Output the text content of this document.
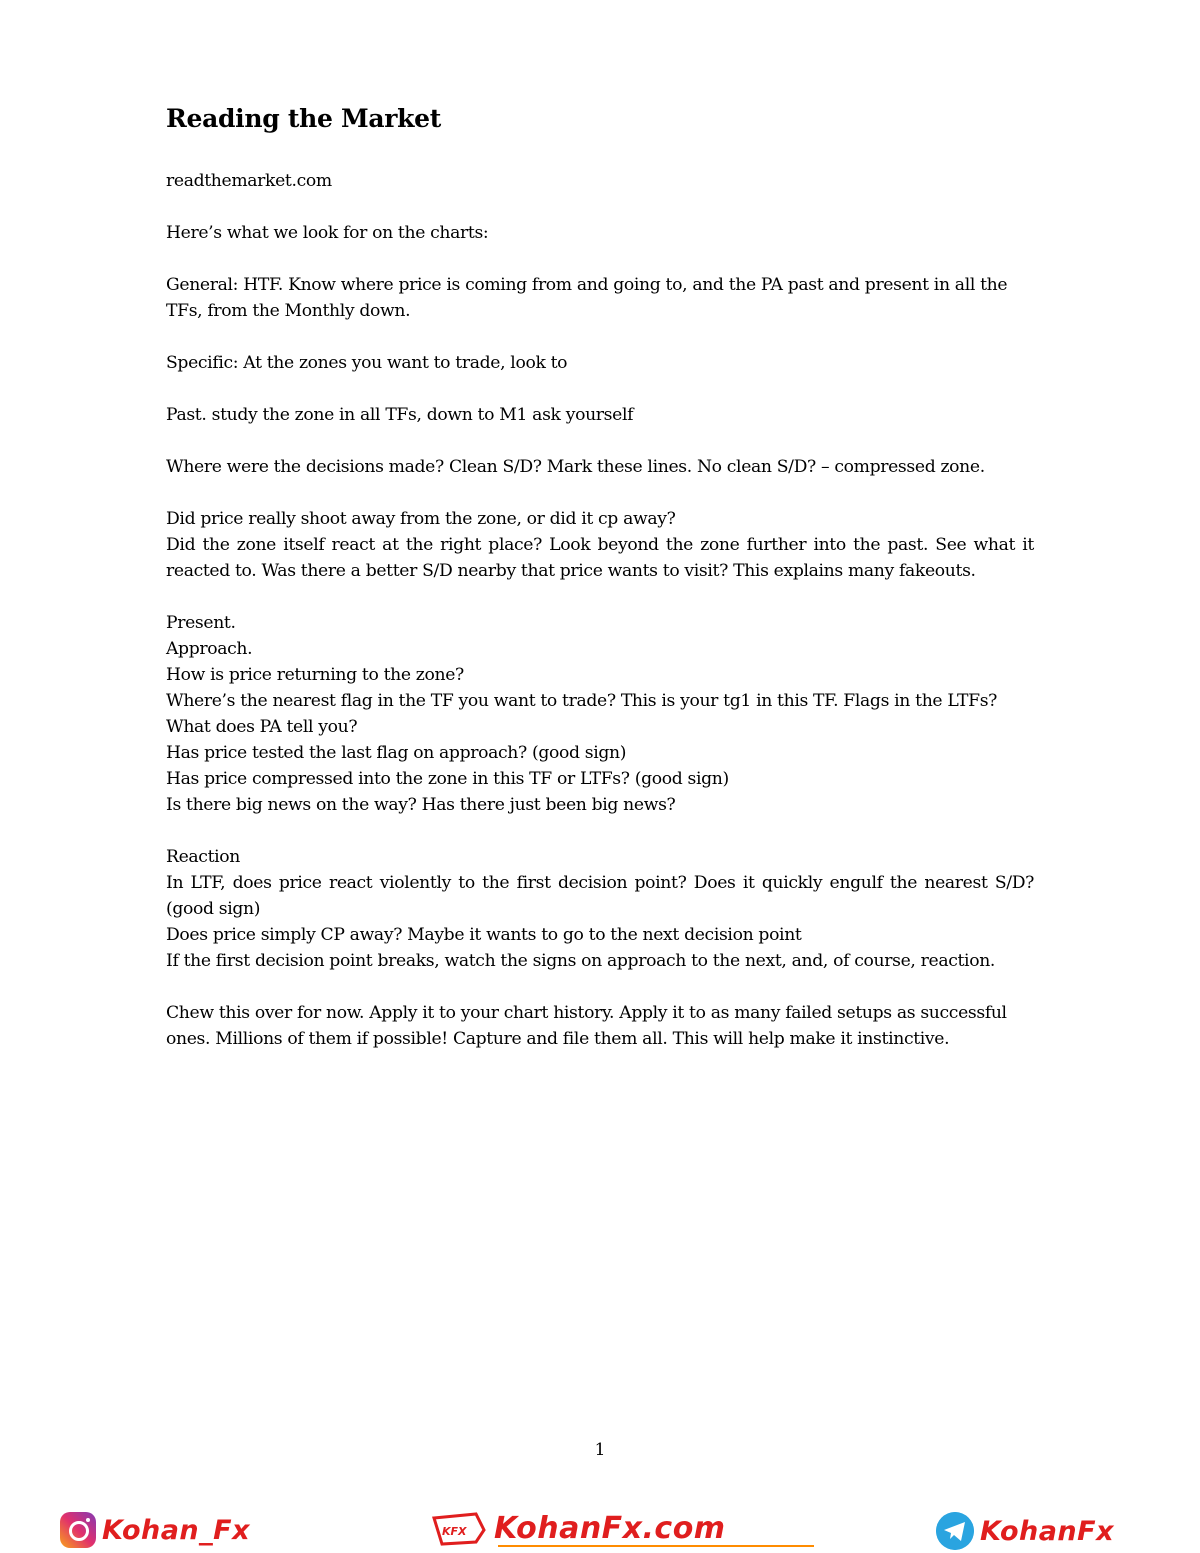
Reading the Market

readthemarket.com

Here’s what we look for on the charts:

General: HTF. Know where price is coming from and going to, and the PA past and present in all the TFs, from the Monthly down.

Specific: At the zones you want to trade, look to

Past. study the zone in all TFs, down to M1 ask yourself

Where were the decisions made? Clean S/D? Mark these lines. No clean S/D? – compressed zone.

Did price really shoot away from the zone, or did it cp away?
Did the zone itself react at the right place? Look beyond the zone further into the past. See what it reacted to. Was there a better S/D nearby that price wants to visit? This explains many fakeouts.

Present.
Approach.
How is price returning to the zone?
Where’s the nearest flag in the TF you want to trade? This is your tg1 in this TF. Flags in the LTFs? What does PA tell you?
Has price tested the last flag on approach? (good sign)
Has price compressed into the zone in this TF or LTFs? (good sign)
Is there big news on the way? Has there just been big news?

Reaction
In LTF, does price react violently to the first decision point? Does it quickly engulf the nearest S/D? (good sign)
Does price simply CP away? Maybe it wants to go to the next decision point
If the first decision point breaks, watch the signs on approach to the next, and, of course, reaction.

Chew this over for now. Apply it to your chart history. Apply it to as many failed setups as successful ones. Millions of them if possible! Capture and file them all. This will help make it instinctive.

1
Kohan_Fx	KFX KohanFx.com	KohanFx
